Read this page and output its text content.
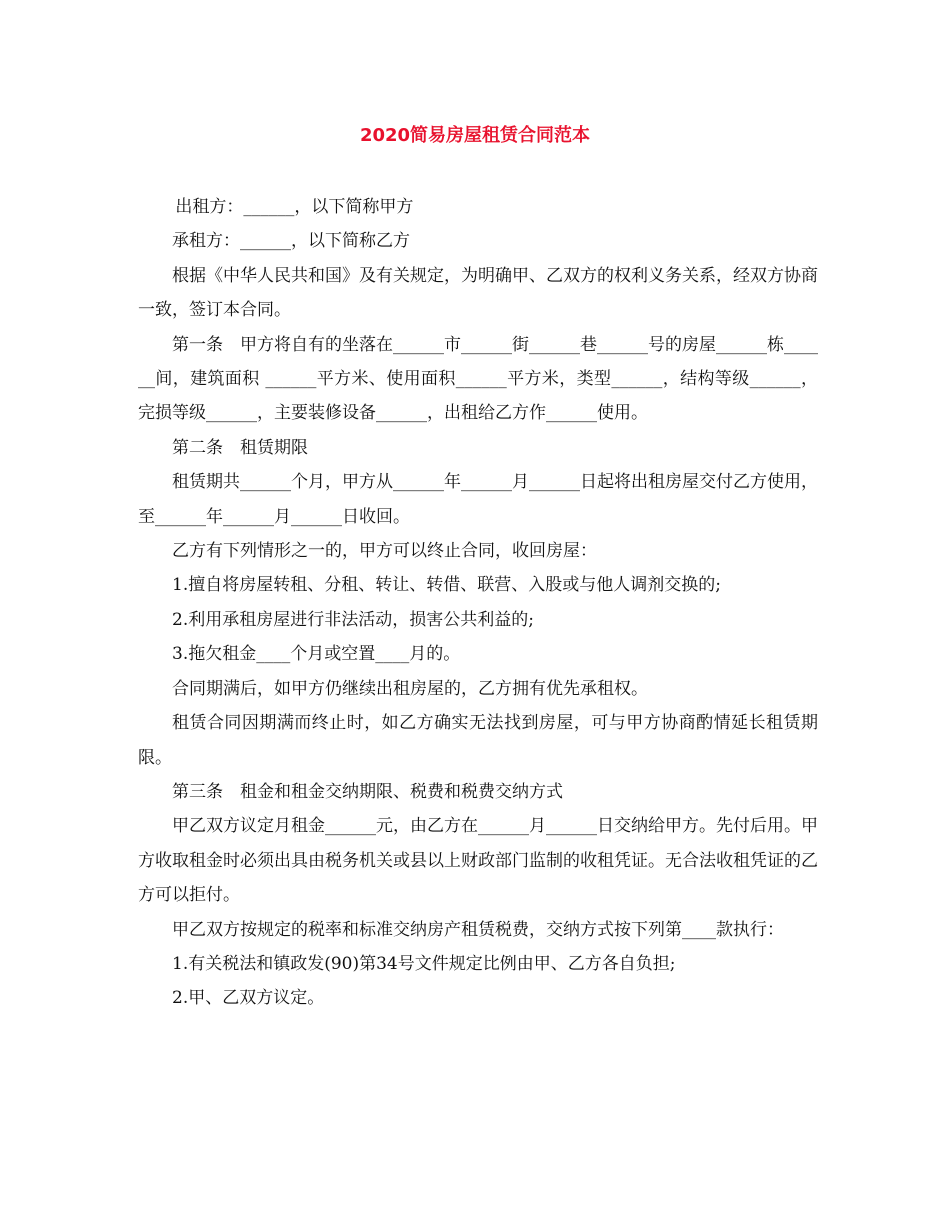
2020简易房屋租赁合同范本

出租方：______，以下简称甲方

承租方：______，以下简称乙方

根据《中华人民共和国》及有关规定，为明确甲、乙双方的权利义务关系，经双方协商一致，签订本合同。

第一条　甲方将自有的坐落在______市______街______巷______号的房屋______栋______间，建筑面积 ______平方米、使用面积______平方米，类型______，结构等级______，完损等级______，主要装修设备______，出租给乙方作______使用。

第二条　租赁期限

租赁期共______个月，甲方从______年______月______日起将出租房屋交付乙方使用，至______年______月______日收回。

乙方有下列情形之一的，甲方可以终止合同，收回房屋：

1.擅自将房屋转租、分租、转让、转借、联营、入股或与他人调剂交换的;

2.利用承租房屋进行非法活动，损害公共利益的;

3.拖欠租金____个月或空置____月的。

合同期满后，如甲方仍继续出租房屋的，乙方拥有优先承租权。

租赁合同因期满而终止时，如乙方确实无法找到房屋，可与甲方协商酌情延长租赁期限。

第三条　租金和租金交纳期限、税费和税费交纳方式

甲乙双方议定月租金______元，由乙方在______月______日交纳给甲方。先付后用。甲方收取租金时必须出具由税务机关或县以上财政部门监制的收租凭证。无合法收租凭证的乙方可以拒付。

甲乙双方按规定的税率和标准交纳房产租赁税费，交纳方式按下列第____款执行：

1.有关税法和镇政发(90)第34号文件规定比例由甲、乙方各自负担;

2.甲、乙双方议定。
